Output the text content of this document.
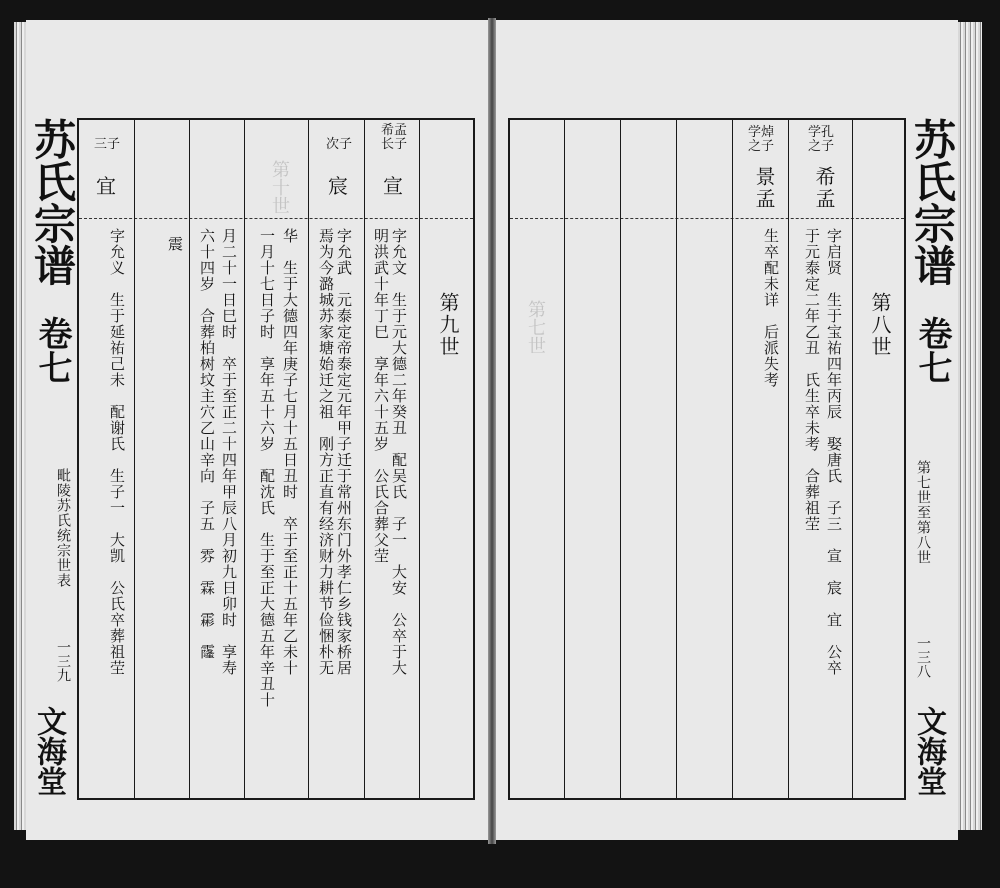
苏氏宗谱
卷七
毗陵苏氏统宗世表
一三九
文海堂
第九世
第十世
希孟
长子
宣
字允文　生于元大德二年癸丑　配吴氏　子一　大安　公卒于大
明洪武十年丁巳　享年六十五岁　公氏合葬父茔
次子
宸
字允武　元泰定帝泰定元年甲子迁于常州东门外孝仁乡钱家桥居
焉为今潞城苏家塘始迁之祖　刚方正直有经济财力耕节俭悃朴无
华　生于大德四年庚子七月十五日丑时　卒于至正十五年乙未十
一月十七日子时　享年五十六岁　配沈氏　生于至正大德五年辛丑十
月二十一日巳时　卒于至正二十四年甲辰八月初九日卯时　享寿
六十四岁　合葬柏树坟主穴乙山辛向　子五　雰　霖　霦　霳
震
三子
宜
字允义　生于延祐己未　配谢氏　生子一　大凯　公氏卒葬祖茔	第七世	第八世
学孔
之子
希孟
字启贤　生于宝祐四年丙辰　娶唐氏　子三　宣　宸　宜　公卒
于元泰定二年乙丑　氏生卒未考　合葬祖茔
学焯
之子
景孟
生卒配未详　后派失考
苏氏宗谱
卷七
第七世至第八世
一三八
文海堂
